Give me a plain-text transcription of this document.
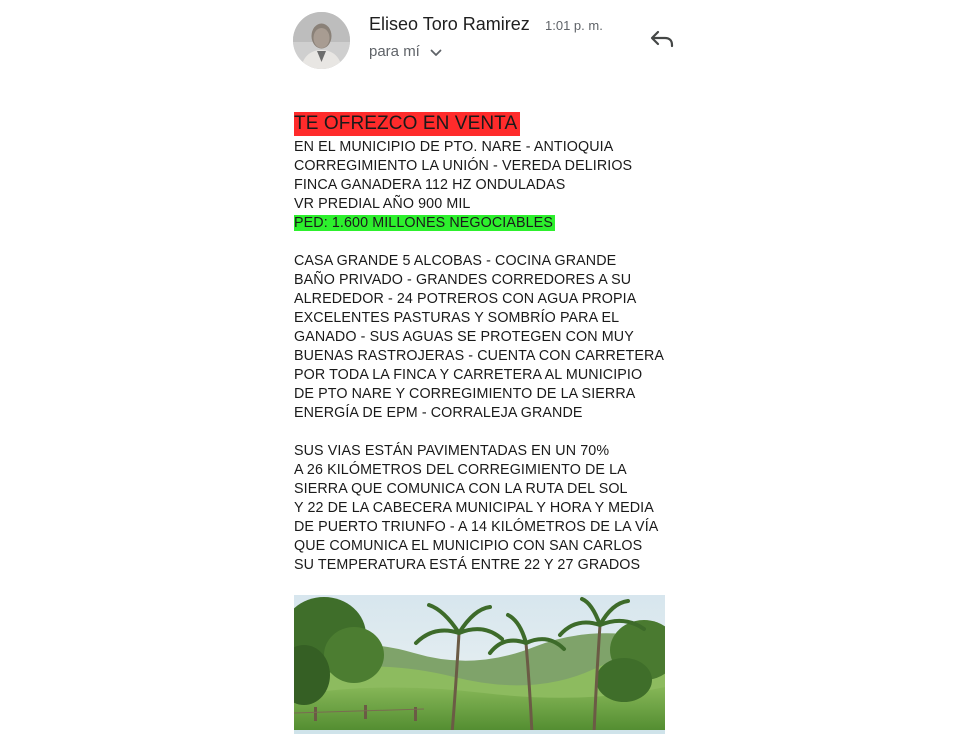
Eliseo Toro Ramirez 1:01 p. m.
para mí
TE OFREZCO EN VENTA
EN EL MUNICIPIO DE PTO. NARE - ANTIOQUIA
CORREGIMIENTO LA UNIÓN - VEREDA DELIRIOS
FINCA GANADERA 112 HZ ONDULADAS
VR PREDIAL AÑO 900 MIL
PED: 1.600 MILLONES NEGOCIABLES
CASA GRANDE 5 ALCOBAS - COCINA GRANDE
BAÑO PRIVADO - GRANDES CORREDORES A SU
ALREDEDOR - 24 POTREROS CON AGUA PROPIA
EXCELENTES PASTURAS Y SOMBRÍO PARA EL
GANADO - SUS AGUAS SE PROTEGEN CON MUY
BUENAS RASTROJERAS - CUENTA CON CARRETERA
POR TODA LA FINCA Y CARRETERA AL MUNICIPIO
DE PTO NARE Y CORREGIMIENTO DE LA SIERRA
ENERGÍA DE EPM - CORRALEJA GRANDE
SUS VIAS ESTÁN PAVIMENTADAS EN UN 70%
A 26 KILÓMETROS DEL CORREGIMIENTO DE LA
SIERRA QUE COMUNICA CON LA RUTA DEL SOL
Y 22 DE LA CABECERA MUNICIPAL Y HORA Y MEDIA
DE PUERTO TRIUNFO - A 14 KILÓMETROS DE LA VÍA
QUE COMUNICA EL MUNICIPIO CON SAN CARLOS
SU TEMPERATURA ESTÁ ENTRE 22 Y 27 GRADOS
